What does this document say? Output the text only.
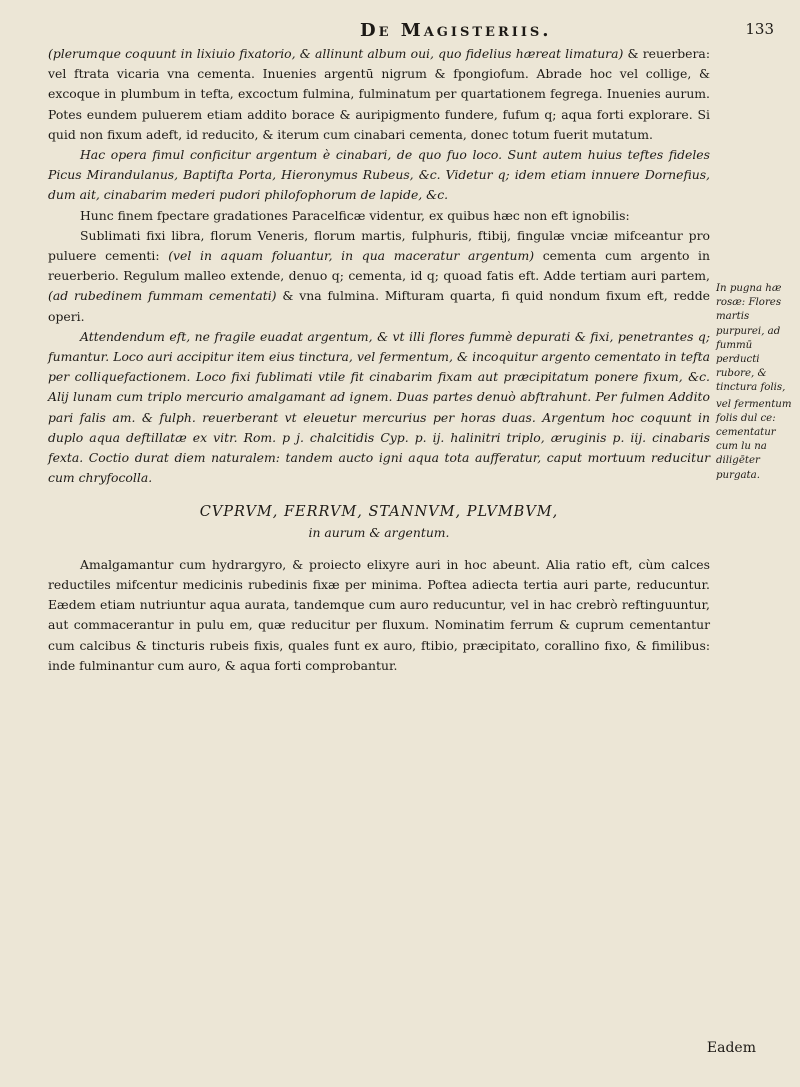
De Magisteriis.	133

(plerumque coquunt in lixiuio fixatorio, & allinunt album oui, quo fidelius hæreat limatura) & reuerbera: vel ftrata vicaria vna cementa. Inuenies argentū nigrum & fpongiofum. Abrade hoc vel collige, & excoque in plumbum in tefta, excoctum fulmina, fulminatum per quartationem fegrega. Inuenies aurum. Potes eundem puluerem etiam addito borace & auripigmento fundere, fufum q; aqua forti explorare. Si quid non fixum adeft, id reducito, & iterum cum cinabari cementa, donec totum fuerit mutatum.

Hac opera fimul conficitur argentum è cinabari, de quo fuo loco. Sunt autem huius teftes fideles Picus Mirandulanus, Baptifta Porta, Hieronymus Rubeus, &c. Videtur q; idem etiam innuere Dornefius, dum ait, cinabarim mederi pudori philofophorum de lapide, &c.

Hunc finem fpectare gradationes Paracelficæ videntur, ex quibus hæc non eft ignobilis:

Sublimati fixi libra, florum Veneris, florum martis, fulphuris, ftibij, fingulæ vnciæ mifceantur pro puluere cementi: (vel in aquam foluantur, in qua maceratur argentum) cementa cum argento in reuerberio. Regulum malleo extende, denuo q; cementa, id q; quoad fatis eft. Adde tertiam auri partem, (ad rubedinem fummam cementati) & vna fulmina. Mifturam quarta, fi quid nondum fixum eft, redde operi.

Attendendum eft, ne fragile euadat argentum, & vt illi flores fummè depurati & fixi, penetrantes q; fumantur. Loco auri accipitur item eius tinctura, vel fermentum, & incoquitur argento cementato in tefta per colliquefactionem. Loco fixi fublimati vtile fit cinabarim fixam aut præcipitatum ponere fixum, &c. Alij lunam cum triplo mercurio amalgamant ad ignem. Duas partes denuò abftrahunt. Per fulmen Addito pari falis am. & fulph. reuerberant vt eleuetur mercurius per horas duas. Argentum hoc coquunt in duplo aqua deftillatæ ex vitr. Rom. p j. chalcitidis Cyp. p. ij. halinitri triplo, æruginis p. iij. cinabaris fexta. Coctio durat diem naturalem: tandem aucto igni aqua tota aufferatur, caput mortuum reducitur cum chryfocolla.

CVPRVM, FERRVM, STANNVM, PLVMBVM,

in aurum & argentum.

Amalgamantur cum hydrargyro, & proiecto elixyre auri in hoc abeunt. Alia ratio eft, cùm calces reductiles mifcentur medicinis rubedinis fixæ per minima. Poftea adiecta tertia auri parte, reducuntur. Eædem etiam nutriuntur aqua aurata, tandemque cum auro reducuntur, vel in hac crebrò reftinguuntur, aut commacerantur in pulu em, quæ reducitur per fluxum. Nominatim ferrum & cuprum cementantur cum calcibus & tincturis rubeis fixis, quales funt ex auro, ftibio, præcipitato, corallino fixo, & fimilibus: inde fulminantur cum auro, & aqua forti comprobantur.

In pugna hæ rosæ: Flores martis purpurei, ad fummū perducti rubore, & tinctura folis,
vel fermentum folis dul ce: cementatur cum lu na diligēter purgata.
Eadem
